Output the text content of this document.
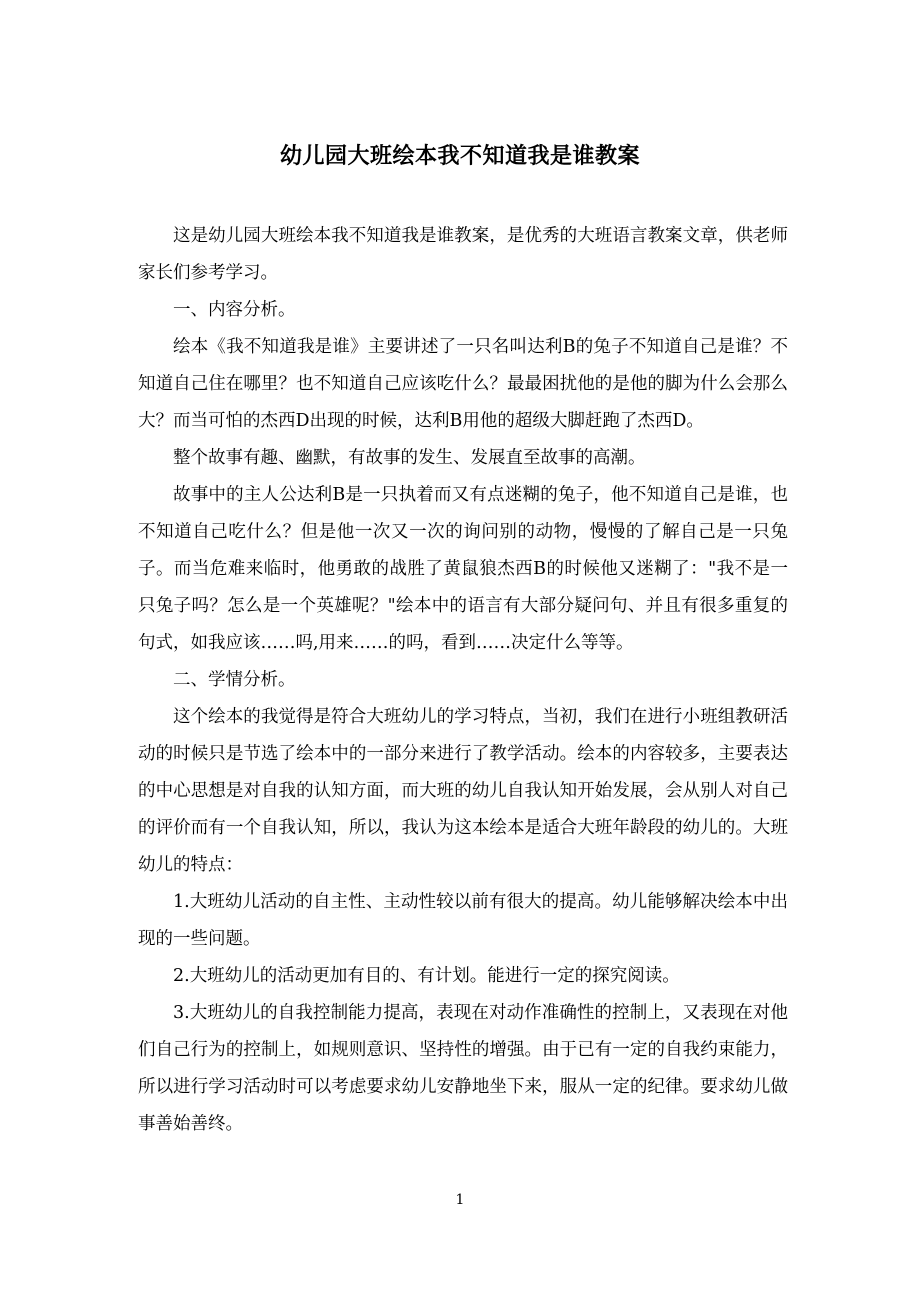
幼儿园大班绘本我不知道我是谁教案

这是幼儿园大班绘本我不知道我是谁教案，是优秀的大班语言教案文章，供老师家长们参考学习。

一、内容分析。

绘本《我不知道我是谁》主要讲述了一只名叫达利B的兔子不知道自己是谁？不知道自己住在哪里？也不知道自己应该吃什么？最最困扰他的是他的脚为什么会那么大？而当可怕的杰西D出现的时候，达利B用他的超级大脚赶跑了杰西D。

整个故事有趣、幽默，有故事的发生、发展直至故事的高潮。

故事中的主人公达利B是一只执着而又有点迷糊的兔子，他不知道自己是谁，也不知道自己吃什么？但是他一次又一次的询问别的动物，慢慢的了解自己是一只兔子。而当危难来临时，他勇敢的战胜了黄鼠狼杰西B的时候他又迷糊了："我不是一只兔子吗？怎么是一个英雄呢？"绘本中的语言有大部分疑问句、并且有很多重复的句式，如我应该……吗,用来……的吗，看到……决定什么等等。

二、学情分析。

这个绘本的我觉得是符合大班幼儿的学习特点，当初，我们在进行小班组教研活动的时候只是节选了绘本中的一部分来进行了教学活动。绘本的内容较多，主要表达的中心思想是对自我的认知方面，而大班的幼儿自我认知开始发展，会从别人对自己的评价而有一个自我认知，所以，我认为这本绘本是适合大班年龄段的幼儿的。大班幼儿的特点：

1.大班幼儿活动的自主性、主动性较以前有很大的提高。幼儿能够解决绘本中出现的一些问题。

2.大班幼儿的活动更加有目的、有计划。能进行一定的探究阅读。

3.大班幼儿的自我控制能力提高，表现在对动作准确性的控制上，又表现在对他们自己行为的控制上，如规则意识、坚持性的增强。由于已有一定的自我约束能力，所以进行学习活动时可以考虑要求幼儿安静地坐下来，服从一定的纪律。要求幼儿做事善始善终。

1
